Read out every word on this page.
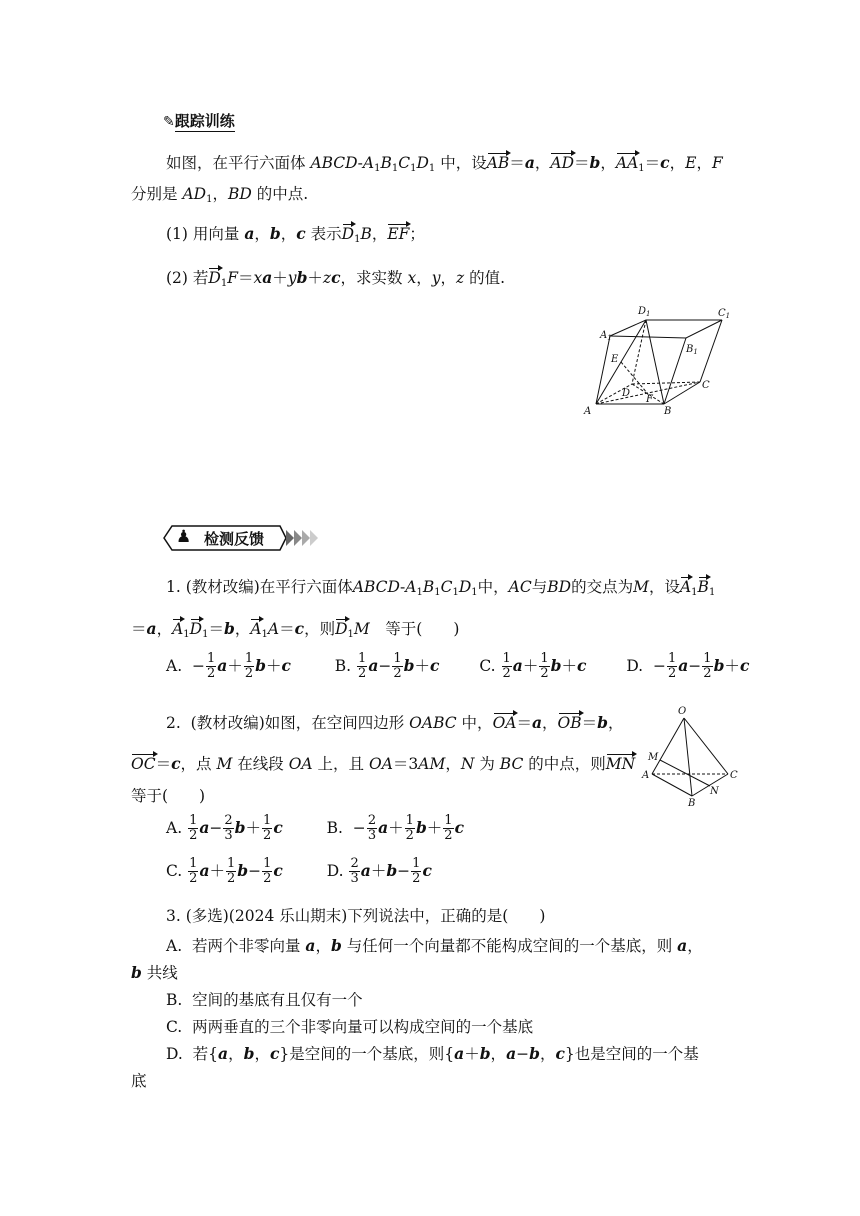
✎跟踪训练
如图，在平行六面体 ABCD-$A_1B_1C_1D_1$ 中，设AB＝a，AD＝b，$AA_1=c$，E，F
分别是 $AD_1$，BD 的中点.
(1) 用向量 a，b，c 表示$D_1B$，EF；
(2) 若$D_1F=xa+yb+zc$，求实数 x，y，z 的值.
$D_1$	$C_1$
$A_1$
$B_1$
E
C
D
F
A	B
♟ 检测反馈
1. (教材改编)在平行六面体ABCD-$A_1B_1C_1D_1$中，AC与BD的交点为M，设$A_1B_1$
＝a，$A_1D_1=b$，$A_1A=c$，则$D_1M$　等于(　　)
A.  − $\frac{1}{2} a+ \frac{1}{2} b+c$	B. $\frac{1}{2} a- \frac{1}{2} b+c$	C. $\frac{1}{2} a+ \frac{1}{2} b+c$	D.  − $\frac{1}{2} a- \frac{1}{2} b+c$
2.  (教材改编)如图，在空间四边形 OABC 中，OA＝a，OB＝b，
OC＝c，点 M 在线段 OA 上，且 OA＝3AM，N 为 BC 的中点，则MN
等于(　　)
O
M
A	C
N
B
A. $\frac{1}{2} a- \frac{2}{3} b+ \frac{1}{2}$ c	B.  − $\frac{2}{3} a+ \frac{1}{2} b+ \frac{1}{2}$ c
C. $\frac{1}{2} a+ \frac{1}{2} b- \frac{1}{2}$ c	D. $\frac{2}{3} a+b- \frac{1}{2}$ c
3. (多选)(2024 乐山期末)下列说法中，正确的是(　　)
A.  若两个非零向量 a，b 与任何一个向量都不能构成空间的一个基底，则 a，
b 共线
B.  空间的基底有且仅有一个
C.  两两垂直的三个非零向量可以构成空间的一个基底
D.  若{a，b，c}是空间的一个基底，则{a＋b，a−b，c}也是空间的一个基
底
